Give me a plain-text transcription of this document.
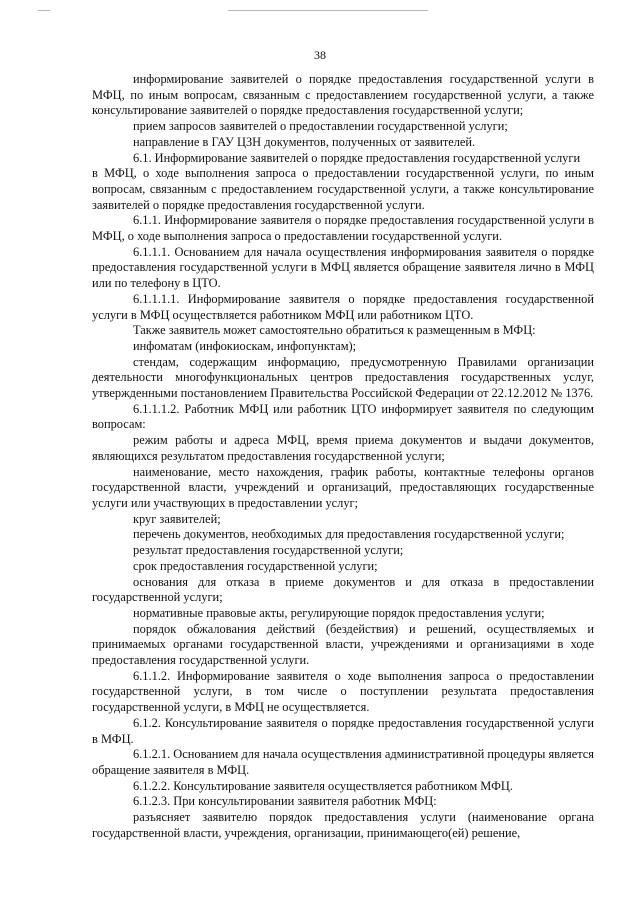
38

информирование заявителей о порядке предоставления государственной услуги в МФЦ, по иным вопросам, связанным с предоставлением государственной услуги, а также консультирование заявителей о порядке предоставления государственной услуги;

прием запросов заявителей о предоставлении государственной услуги;

направление в ГАУ ЦЗН документов, полученных от заявителей.

6.1. Информирование заявителей о порядке предоставления государственной услуги

в МФЦ, о ходе выполнения запроса о предоставлении государственной услуги, по иным вопросам, связанным с предоставлением государственной услуги, а также консультирование заявителей о порядке предоставления государственной услуги.

6.1.1. Информирование заявителя о порядке предоставления государственной услуги в МФЦ, о ходе выполнения запроса о предоставлении государственной услуги.

6.1.1.1. Основанием для начала осуществления информирования заявителя о порядке предоставления государственной услуги в МФЦ является обращение заявителя лично в МФЦ или по телефону в ЦТО.

6.1.1.1.1. Информирование заявителя о порядке предоставления государственной услуги в МФЦ осуществляется работником МФЦ или работником ЦТО.

Также заявитель может самостоятельно обратиться к размещенным в МФЦ:

инфоматам (инфокиоскам, инфопунктам);

стендам, содержащим информацию, предусмотренную Правилами организации деятельности многофункциональных центров предоставления государственных услуг, утвержденными постановлением Правительства Российской Федерации от 22.12.2012 № 1376.

6.1.1.1.2. Работник МФЦ или работник ЦТО информирует заявителя по следующим вопросам:

режим работы и адреса МФЦ, время приема документов и выдачи документов, являющихся результатом предоставления государственной услуги;

наименование, место нахождения, график работы, контактные телефоны органов государственной власти, учреждений и организаций, предоставляющих государственные услуги или участвующих в предоставлении услуг;

круг заявителей;

перечень документов, необходимых для предоставления государственной услуги;

результат предоставления государственной услуги;

срок предоставления государственной услуги;

основания для отказа в приеме документов и для отказа в предоставлении государственной услуги;

нормативные правовые акты, регулирующие порядок предоставления услуги;

порядок обжалования действий (бездействия) и решений, осуществляемых и принимаемых органами государственной власти, учреждениями и организациями в ходе предоставления государственной услуги.

6.1.1.2. Информирование заявителя о ходе выполнения запроса о предоставлении государственной услуги, в том числе о поступлении результата предоставления государственной услуги, в МФЦ не осуществляется.

6.1.2. Консультирование заявителя о порядке предоставления государственной услуги в МФЦ.

6.1.2.1. Основанием для начала осуществления административной процедуры является обращение заявителя в МФЦ.

6.1.2.2. Консультирование заявителя осуществляется работником МФЦ.

6.1.2.3. При консультировании заявителя работник МФЦ:

разъясняет заявителю порядок предоставления услуги (наименование органа государственной власти, учреждения, организации, принимающего(ей) решение,
